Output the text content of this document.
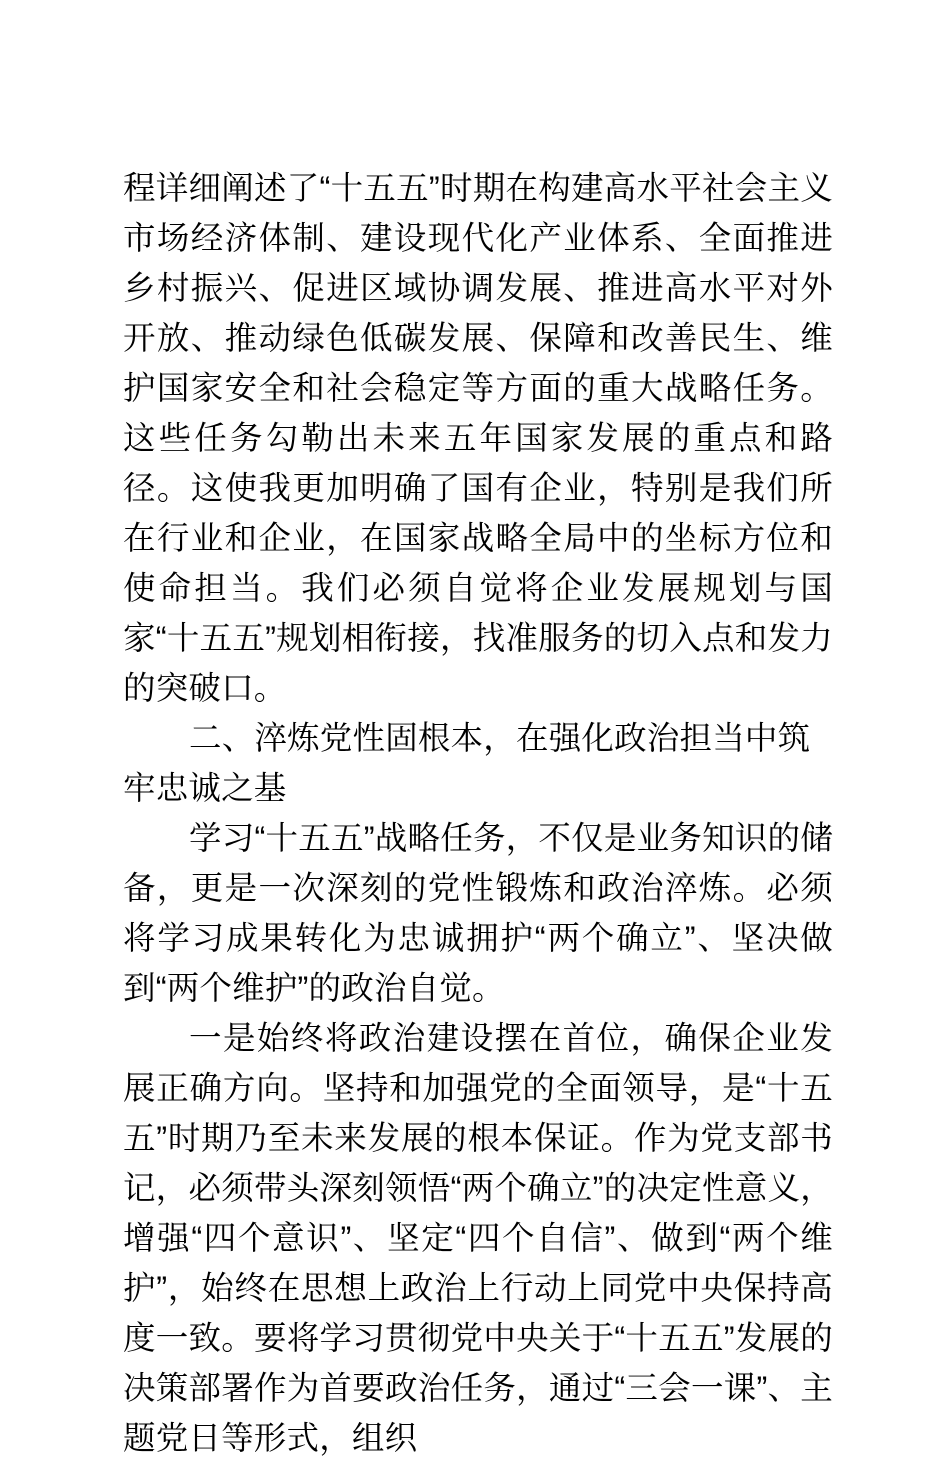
程详细阐述了“十五五”时期在构建高水平社会主义市场经济体制、建设现代化产业体系、全面推进乡村振兴、促进区域协调发展、推进高水平对外开放、推动绿色低碳发展、保障和改善民生、维护国家安全和社会稳定等方面的重大战略任务。这些任务勾勒出未来五年国家发展的重点和路径。这使我更加明确了国有企业，特别是我们所在行业和企业，在国家战略全局中的坐标方位和使命担当。我们必须自觉将企业发展规划与国家“十五五”规划相衔接，找准服务的切入点和发力的突破口。

二、淬炼党性固根本，在强化政治担当中筑牢忠诚之基

学习“十五五”战略任务，不仅是业务知识的储备，更是一次深刻的党性锻炼和政治淬炼。必须将学习成果转化为忠诚拥护“两个确立”、坚决做到“两个维护”的政治自觉。

一是始终将政治建设摆在首位，确保企业发展正确方向。坚持和加强党的全面领导，是“十五五”时期乃至未来发展的根本保证。作为党支部书记，必须带头深刻领悟“两个确立”的决定性意义，增强“四个意识”、坚定“四个自信”、做到“两个维护”，始终在思想上政治上行动上同党中央保持高度一致。要将学习贯彻党中央关于“十五五”发展的决策部署作为首要政治任务，通过“三会一课”、主题党日等形式，组织
